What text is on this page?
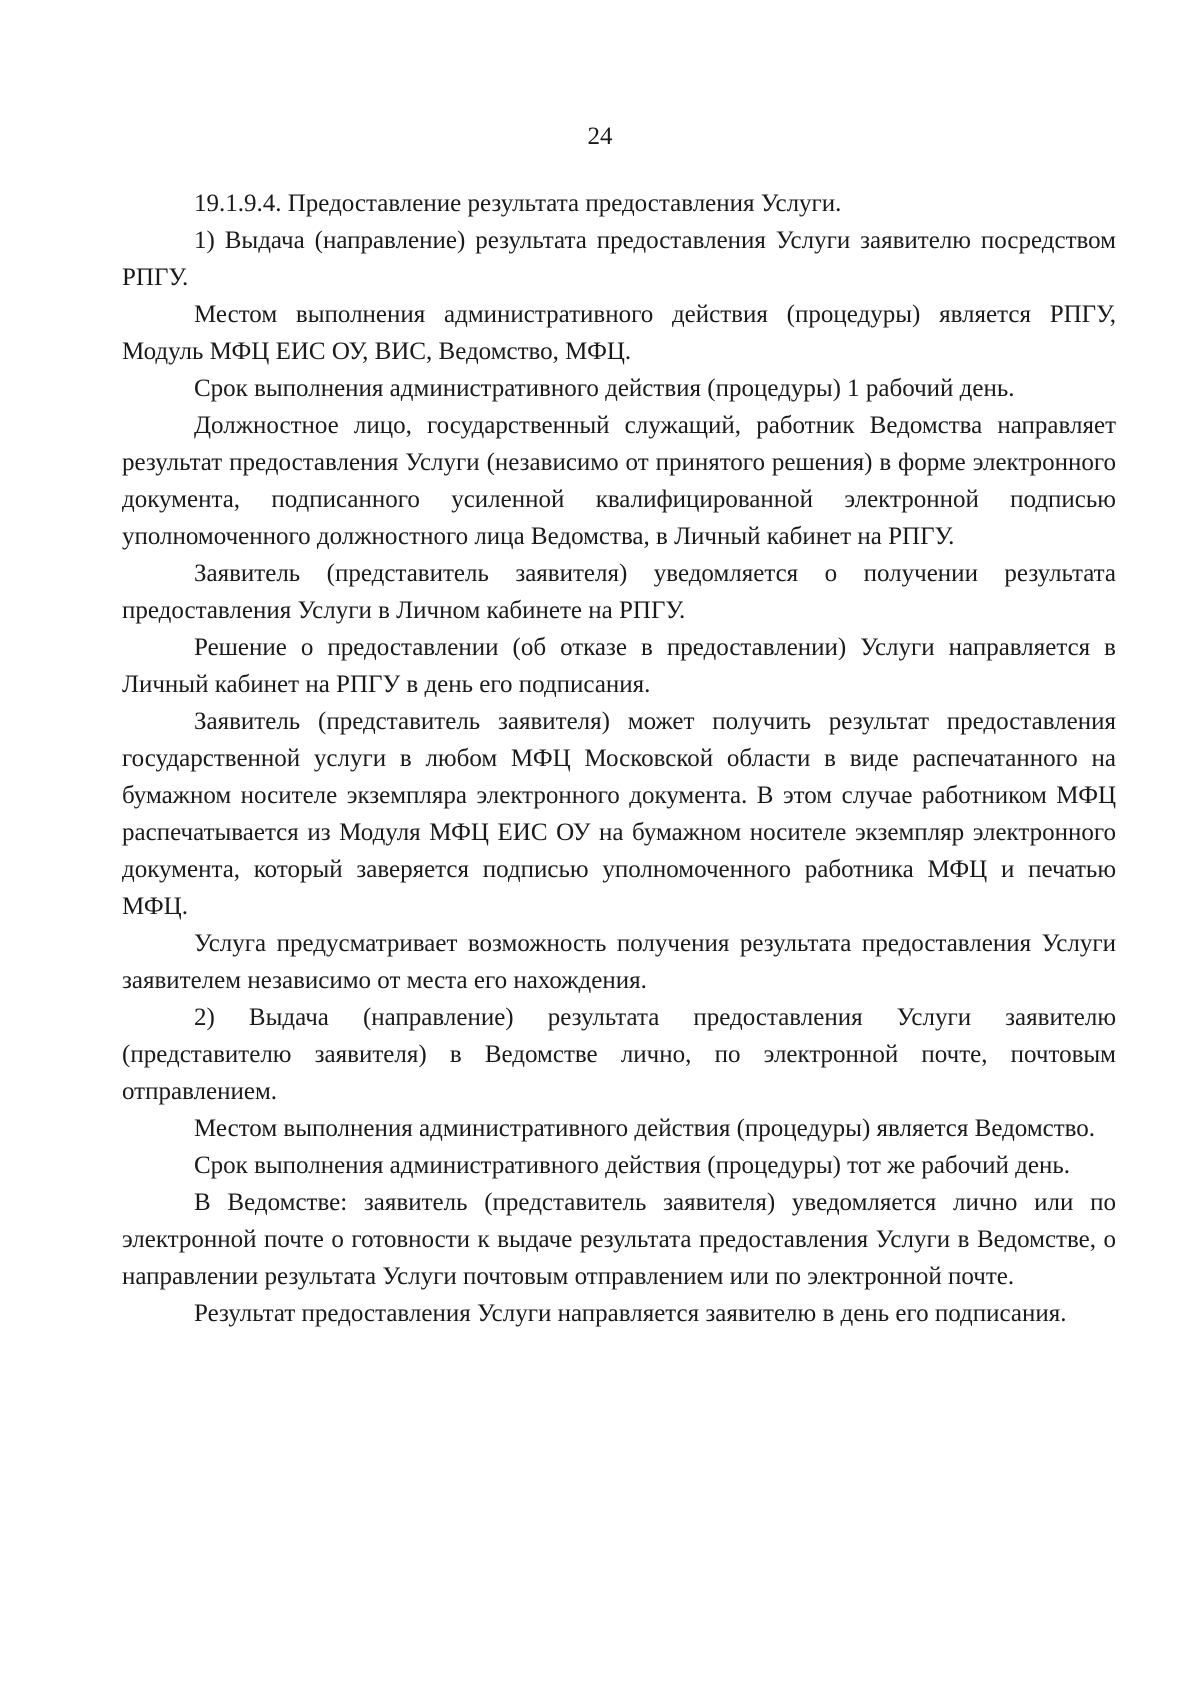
24

19.1.9.4. Предоставление результата предоставления Услуги.

1) Выдача (направление) результата предоставления Услуги заявителю посредством РПГУ.

Местом выполнения административного действия (процедуры) является РПГУ, Модуль МФЦ ЕИС ОУ, ВИС, Ведомство, МФЦ.

Срок выполнения административного действия (процедуры) 1 рабочий день.

Должностное лицо, государственный служащий, работник Ведомства направляет результат предоставления Услуги (независимо от принятого решения) в форме электронного документа, подписанного усиленной квалифицированной электронной подписью уполномоченного должностного лица Ведомства, в Личный кабинет на РПГУ.

Заявитель (представитель заявителя) уведомляется о получении результата предоставления Услуги в Личном кабинете на РПГУ.

Решение о предоставлении (об отказе в предоставлении) Услуги направляется в Личный кабинет на РПГУ в день его подписания.

Заявитель (представитель заявителя) может получить результат предоставления государственной услуги в любом МФЦ Московской области в виде распечатанного на бумажном носителе экземпляра электронного документа. В этом случае работником МФЦ распечатывается из Модуля МФЦ ЕИС ОУ на бумажном носителе экземпляр электронного документа, который заверяется подписью уполномоченного работника МФЦ и печатью МФЦ.

Услуга предусматривает возможность получения результата предоставления Услуги заявителем независимо от места его нахождения.

2) Выдача (направление) результата предоставления Услуги заявителю (представителю заявителя) в Ведомстве лично, по электронной почте, почтовым отправлением.

Местом выполнения административного действия (процедуры) является Ведомство.

Срок выполнения административного действия (процедуры) тот же рабочий день.

В Ведомстве: заявитель (представитель заявителя) уведомляется лично или по электронной почте о готовности к выдаче результата предоставления Услуги в Ведомстве, о направлении результата Услуги почтовым отправлением или по электронной почте.

Результат предоставления Услуги направляется заявителю в день его подписания.
